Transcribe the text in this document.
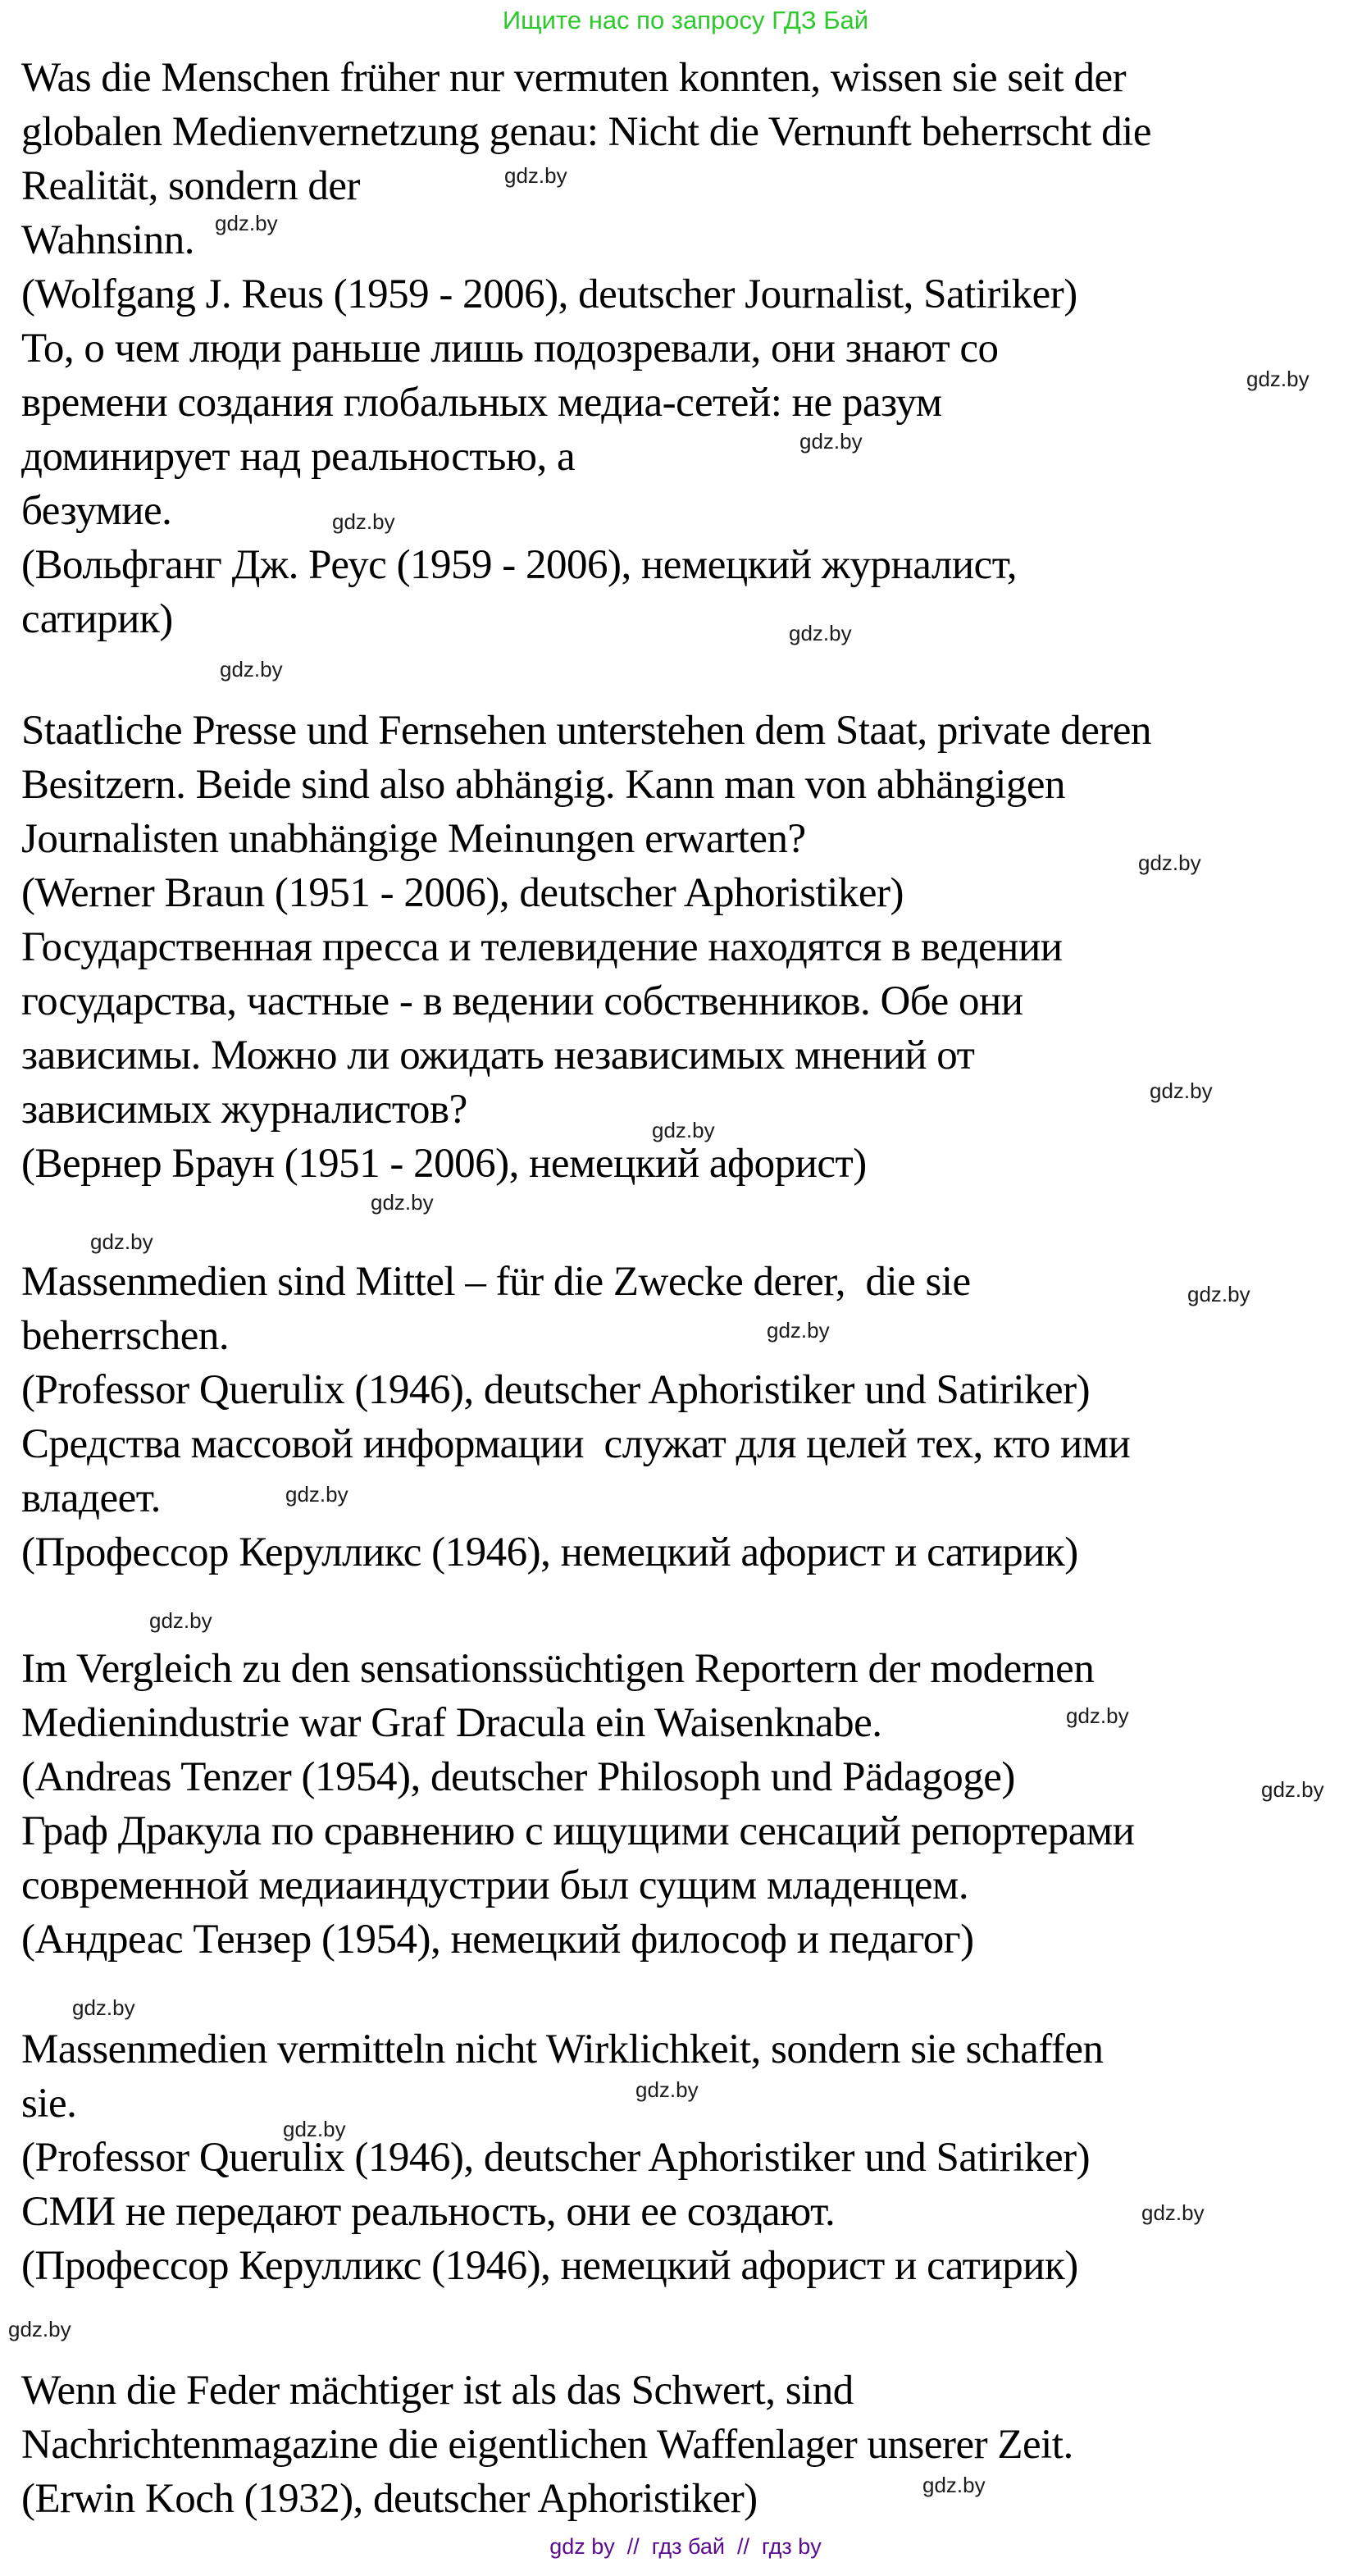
Ищите нас по запросу ГДЗ Бай
Was die Menschen früher nur vermuten konnten, wissen sie seit der
globalen Medienvernetzung genau: Nicht die Vernunft beherrscht die
Realität, sondern der
Wahnsinn.
(Wolfgang J. Reus (1959 - 2006), deutscher Journalist, Satiriker)
То, о чем люди раньше лишь подозревали, они знают со
времени создания глобальных медиа-сетей: не разум
доминирует над реальностью, а
безумие.
(Вольфганг Дж. Реус (1959 - 2006), немецкий журналист,
сатирик)
Staatliche Presse und Fernsehen unterstehen dem Staat, private deren
Besitzern. Beide sind also abhängig. Kann man von abhängigen
Journalisten unabhängige Meinungen erwarten?
(Werner Braun (1951 - 2006), deutscher Aphoristiker)
Государственная пресса и телевидение находятся в ведении
государства, частные - в ведении собственников. Обе они
зависимы. Можно ли ожидать независимых мнений от
зависимых журналистов?
(Вернер Браун (1951 - 2006), немецкий афорист)
Massenmedien sind Mittel – für die Zwecke derer,  die sie
beherrschen.
(Professor Querulix (1946), deutscher Aphoristiker und Satiriker)
Средства массовой информации  служат для целей тех, кто ими
владеет.
(Профессор Керулликс (1946), немецкий афорист и сатирик)
Im Vergleich zu den sensationssüchtigen Reportern der modernen
Medienindustrie war Graf Dracula ein Waisenknabe.
(Andreas Tenzer (1954), deutscher Philosoph und Pädagoge)
Граф Дракула по сравнению с ищущими сенсаций репортерами
современной медиаиндустрии был сущим младенцем.
(Андреас Тензер (1954), немецкий философ и педагог)
Massenmedien vermitteln nicht Wirklichkeit, sondern sie schaffen
sie.
(Professor Querulix (1946), deutscher Aphoristiker und Satiriker)
СМИ не передают реальность, они ее создают.
(Профессор Керулликс (1946), немецкий афорист и сатирик)
Wenn die Feder mächtiger ist als das Schwert, sind
Nachrichtenmagazine die eigentlichen Waffenlager unserer Zeit.
(Erwin Koch (1932), deutscher Aphoristiker)
gdz.by
gdz.by
gdz.by
gdz.by
gdz.by
gdz.by
gdz.by
gdz.by
gdz.by
gdz.by
gdz.by
gdz.by
gdz.by
gdz.by
gdz.by
gdz.by
gdz.by
gdz.by
gdz.by
gdz.by
gdz.by
gdz.by
gdz.by
gdz.by
gdz by  //  гдз бай  //  гдз by
